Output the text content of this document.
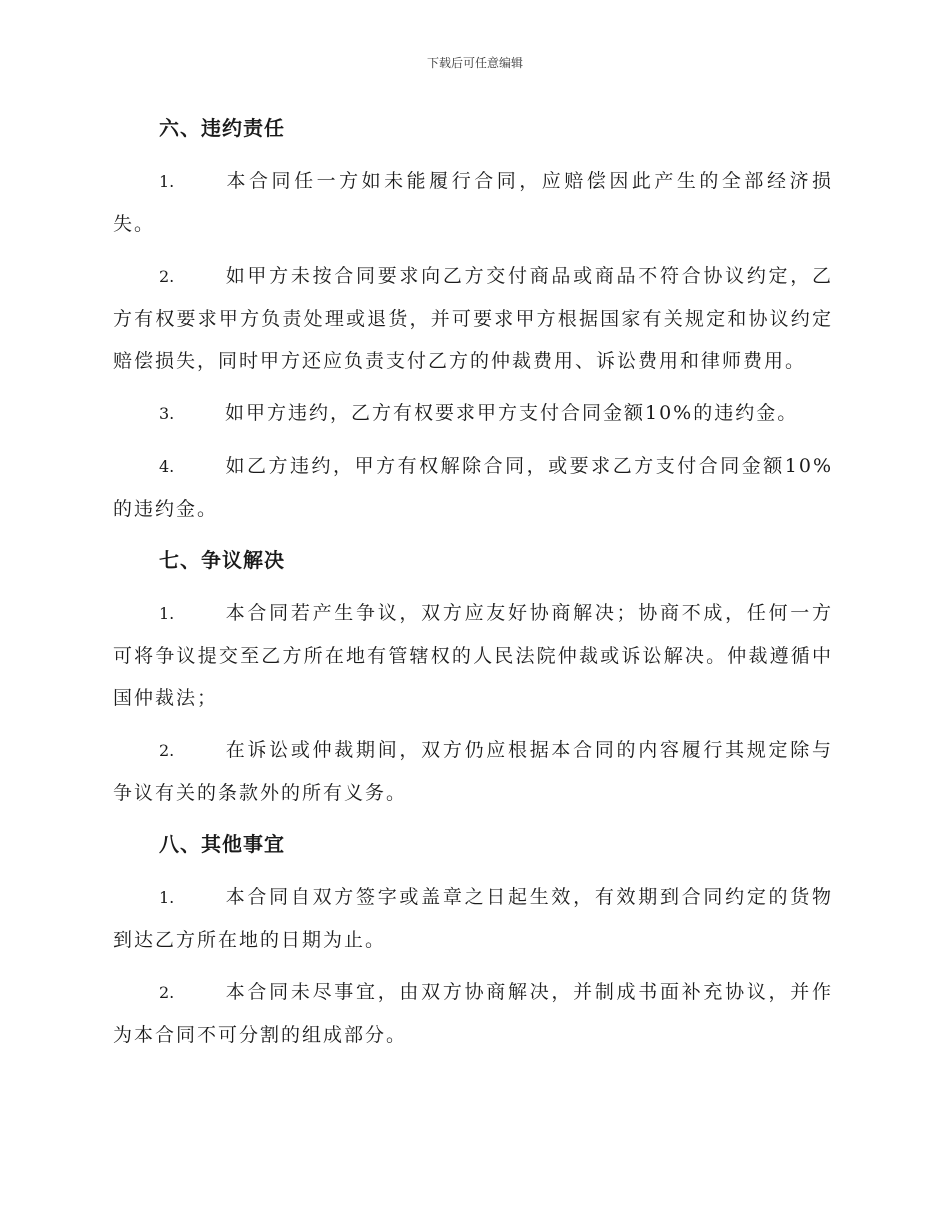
下载后可任意编辑
六、违约责任

1.	本合同任一方如未能履行合同，应赔偿因此产生的全部经济损失。

2.	如甲方未按合同要求向乙方交付商品或商品不符合协议约定，乙方有权要求甲方负责处理或退货，并可要求甲方根据国家有关规定和协议约定赔偿损失，同时甲方还应负责支付乙方的仲裁费用、诉讼费用和律师费用。

3.	如甲方违约，乙方有权要求甲方支付合同金额10%的违约金。

4.	如乙方违约，甲方有权解除合同，或要求乙方支付合同金额10%的违约金。

七、争议解决

1.	本合同若产生争议，双方应友好协商解决；协商不成，任何一方可将争议提交至乙方所在地有管辖权的人民法院仲裁或诉讼解决。仲裁遵循中国仲裁法；

2.	在诉讼或仲裁期间，双方仍应根据本合同的内容履行其规定除与争议有关的条款外的所有义务。

八、其他事宜

1.	本合同自双方签字或盖章之日起生效，有效期到合同约定的货物到达乙方所在地的日期为止。

2.	本合同未尽事宜，由双方协商解决，并制成书面补充协议，并作为本合同不可分割的组成部分。
